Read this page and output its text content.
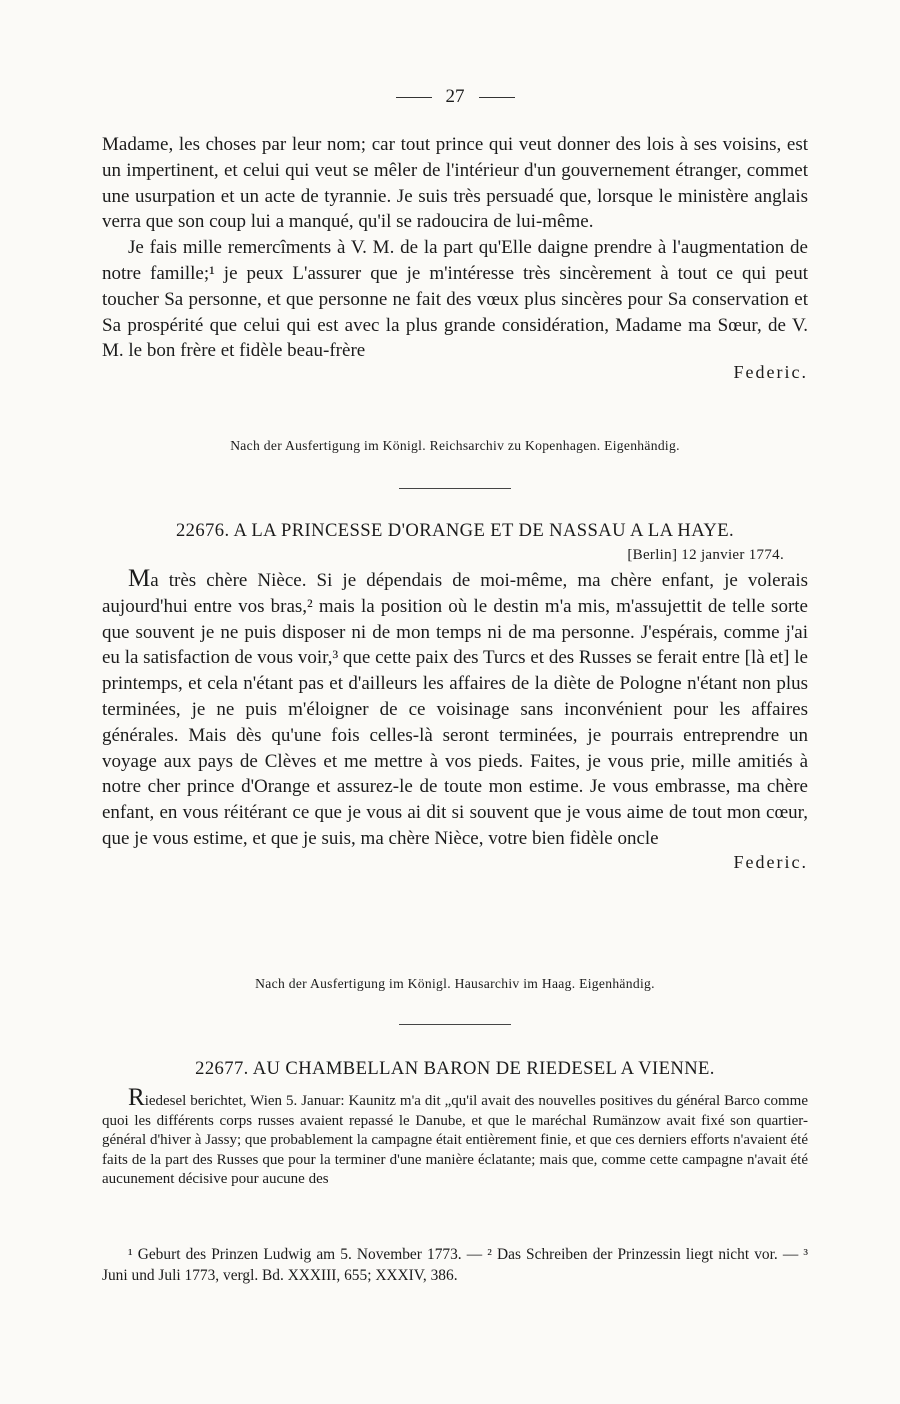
27

Madame, les choses par leur nom; car tout prince qui veut donner des lois à ses voisins, est un impertinent, et celui qui veut se mêler de l'intérieur d'un gouvernement étranger, commet une usurpation et un acte de tyrannie. Je suis très persuadé que, lorsque le ministère anglais verra que son coup lui a manqué, qu'il se radoucira de lui-même.

Je fais mille remercîments à V. M. de la part qu'Elle daigne prendre à l'augmentation de notre famille;¹ je peux L'assurer que je m'intéresse très sincèrement à tout ce qui peut toucher Sa personne, et que personne ne fait des vœux plus sincères pour Sa conservation et Sa prospérité que celui qui est avec la plus grande considération, Madame ma Sœur, de V. M. le bon frère et fidèle beau-frère

Federic.

Nach der Ausfertigung im Königl. Reichsarchiv zu Kopenhagen. Eigenhändig.

22676. A LA PRINCESSE D'ORANGE ET DE NASSAU A LA HAYE.

[Berlin] 12 janvier 1774.

Ma très chère Nièce. Si je dépendais de moi-même, ma chère enfant, je volerais aujourd'hui entre vos bras,² mais la position où le destin m'a mis, m'assujettit de telle sorte que souvent je ne puis disposer ni de mon temps ni de ma personne. J'espérais, comme j'ai eu la satisfaction de vous voir,³ que cette paix des Turcs et des Russes se ferait entre [là et] le printemps, et cela n'étant pas et d'ailleurs les affaires de la diète de Pologne n'étant non plus terminées, je ne puis m'éloigner de ce voisinage sans inconvénient pour les affaires générales. Mais dès qu'une fois celles-là seront terminées, je pourrais entreprendre un voyage aux pays de Clèves et me mettre à vos pieds. Faites, je vous prie, mille amitiés à notre cher prince d'Orange et assurez-le de toute mon estime. Je vous embrasse, ma chère enfant, en vous réitérant ce que je vous ai dit si souvent que je vous aime de tout mon cœur, que je vous estime, et que je suis, ma chère Nièce, votre bien fidèle oncle

Federic.

Nach der Ausfertigung im Königl. Hausarchiv im Haag. Eigenhändig.

22677. AU CHAMBELLAN BARON DE RIEDESEL A VIENNE.

Riedesel berichtet, Wien 5. Januar: Kaunitz m'a dit „qu'il avait des nouvelles positives du général Barco comme quoi les différents corps russes avaient repassé le Danube, et que le maréchal Rumänzow avait fixé son quartier-général d'hiver à Jassy; que probablement la campagne était entièrement finie, et que ces derniers efforts n'avaient été faits de la part des Russes que pour la terminer d'une manière éclatante; mais que, comme cette campagne n'avait été aucunement décisive pour aucune des

¹ Geburt des Prinzen Ludwig am 5. November 1773. — ² Das Schreiben der Prinzessin liegt nicht vor. — ³ Juni und Juli 1773, vergl. Bd. XXXIII, 655; XXXIV, 386.
